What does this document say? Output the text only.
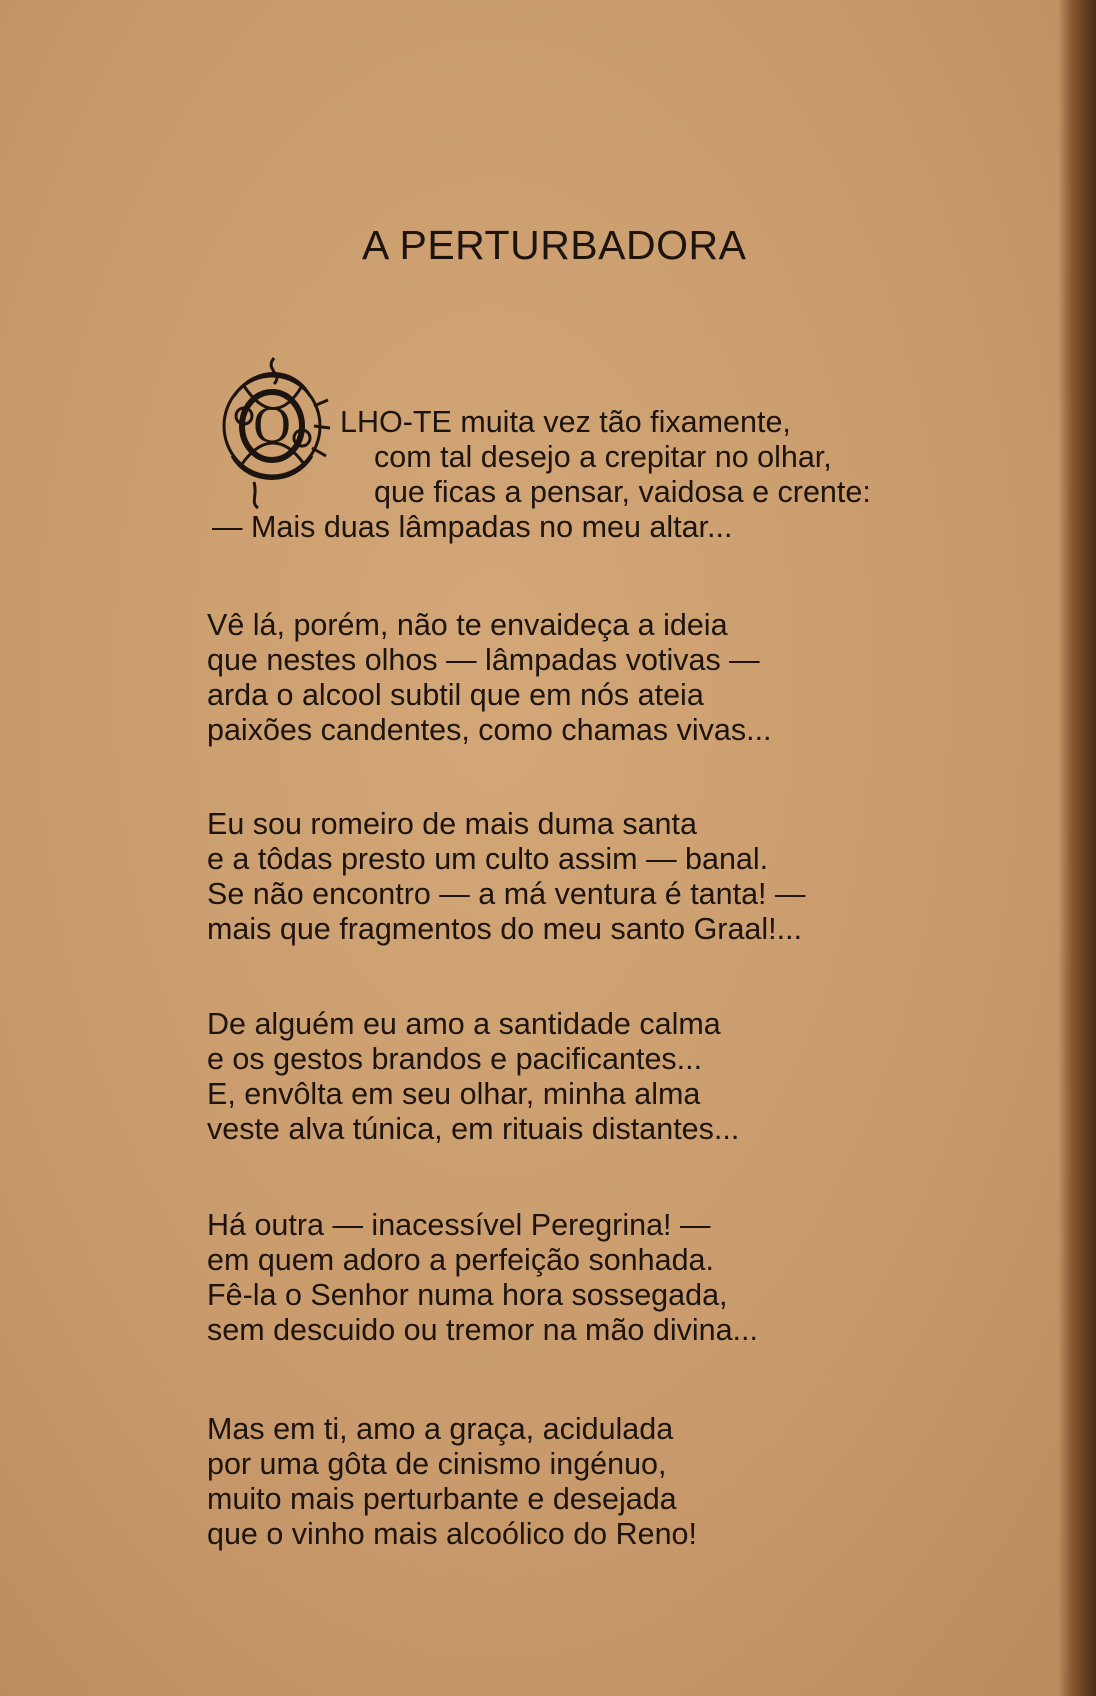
A PERTURBADORA
O LHO-TE muita vez tão fixamente,
com tal desejo a crepitar no olhar,
que ficas a pensar, vaidosa e crente:
— Mais duas lâmpadas no meu altar...
Vê lá, porém, não te envaideça a ideia
que nestes olhos — lâmpadas votivas —
arda o alcool subtil que em nós ateia
paixões candentes, como chamas vivas...
Eu sou romeiro de mais duma santa
e a tôdas presto um culto assim — banal.
Se não encontro — a má ventura é tanta! —
mais que fragmentos do meu santo Graal!...
De alguém eu amo a santidade calma
e os gestos brandos e pacificantes...
E, envôlta em seu olhar, minha alma
veste alva túnica, em rituais distantes...
Há outra — inacessível Peregrina! —
em quem adoro a perfeição sonhada.
Fê-la o Senhor numa hora sossegada,
sem descuido ou tremor na mão divina...
Mas em ti, amo a graça, acidulada
por uma gôta de cinismo ingénuo,
muito mais perturbante e desejada
que o vinho mais alcoólico do Reno!
